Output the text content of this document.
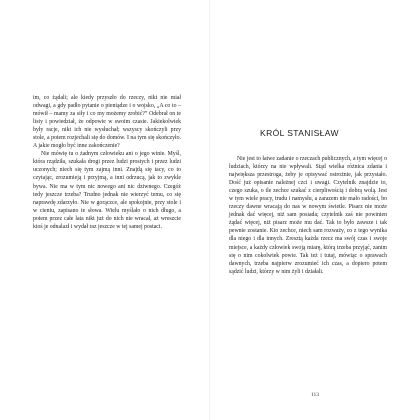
im, co żądali; ale kiedy przyszło do rzeczy, nikt nie miał odwagi, a gdy padło pytanie o pieniądze i o wojsko, „A co to – mówił – mamy za siły i co my możemy zrobić?” Odebrał on te listy i powiedział, że odpowie w swoim czasie. Jakiekolwiek były racje, nikt ich nie wysłuchał; wszyscy skończyli przy stole, a potem rozjechali się do domów. I na tym się skończyło. A jakie mogło być inne zakończenie?

Nie mówię tu o żadnym człowieku ani o jego winie. Myśl, która rządziła, szukała drogi przez ludzi prostych i przez ludzi uczonych; niech się tym zajmą inni. Znajdą się tacy, co to czytając, zrozumieją i przyjmą, a inni odrzucą, jak to zwykle bywa. Nie ma w tym nic nowego ani nic dziwnego. Czegóż tedy jeszcze trzeba? Trudno jednak nie wierzyć temu, co się naprawdę zdarzyło. Nie w gorączce, ale spokojnie, przy stole i w cieniu, zapisano te słowa. Wielu myślało o nich długo, a potem przez całe lata nikt już do nich nie wracał, aż wreszcie ktoś je odnalazł i wydał raz jeszcze w tej samej postaci.

KRÓL STANISŁAW

Nie jest to łatwe zadanie o rzeczach publicznych, a tym więcej o ludziach, którzy na nie wpływali. Stąd wielka różnica zdania i największa przestroga, żeby je opisywać ostrożnie, jak przystało. Dość już opisanie należnej czci i uwagi. Czytelnik znajdzie to, czego szuka, o ile zechce szukać z cierpliwością i dobrą wolą. Jest w tym wiele pracy, trudu i namysłu, a zarazem nie mało radości, bo rzeczy dawne wracają do nas w nowym świetle. Pisarz nie może jednak dać więcej, niż sam posiada; czytelnik zaś nie powinien żądać więcej, niż pisarz może mu dać. Tak to było zawsze i tak pewnie zostanie. Kto zechce, niech sam rozważy, co z tego wynika dla niego i dla innych. Zresztą każda rzecz ma swój czas i swoje miejsce, a każdy człowiek swoją miarę, którą trzeba przyjąć, zanim się o nim cokolwiek powie. Tak też i tutaj, mówiąc o sprawach dawnych, trzeba najpierw zrozumieć ich czas, a dopiero potem sądzić ludzi, którzy w nim żyli i działali.

113
